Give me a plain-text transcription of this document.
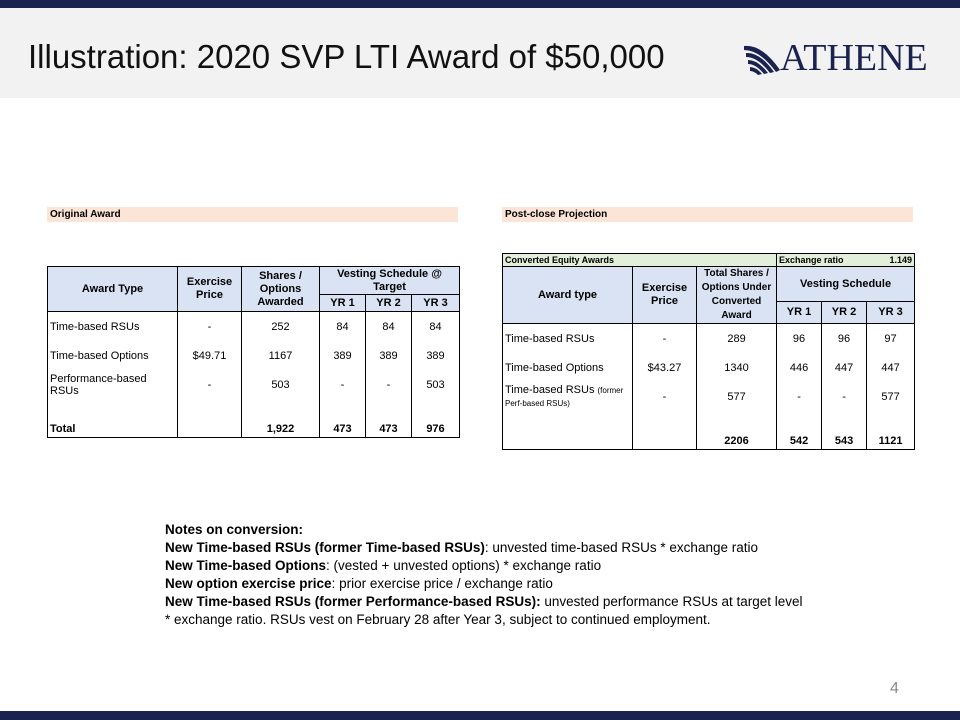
Illustration: 2020 SVP LTI Award of $50,000	ATHENE
Original Award
Award Type	Exercise Price	Shares / Options Awarded	Vesting Schedule @ Target		
			YR 1	YR 2	YR 3
Time-based RSUs	-	252	84	84	84
Time-based Options	$49.71	1167	389	389	389
Performance-based RSUs	-	503	-	-	503
Total		1,922	473	473	976
Post-close Projection
Converted Equity Awards			Exchange ratio 1.149		

Award type	Exercise Price	Total Shares / Options Under Converted Award	Vesting Schedule		
			YR 1	YR 2	YR 3
Time-based RSUs	-	289	96	96	97
Time-based Options	$43.27	1340	446	447	447
Time-based RSUs (former Perf-based RSUs)	-	577	-	-	577
		2206	542	543	1121
Notes on conversion:
New Time-based RSUs (former Time-based RSUs): unvested time-based RSUs * exchange ratio
New Time-based Options: (vested + unvested options) * exchange ratio
New option exercise price: prior exercise price / exchange ratio
New Time-based RSUs (former Performance-based RSUs): unvested performance RSUs at target level * exchange ratio. RSUs vest on February 28 after Year 3, subject to continued employment.
4
